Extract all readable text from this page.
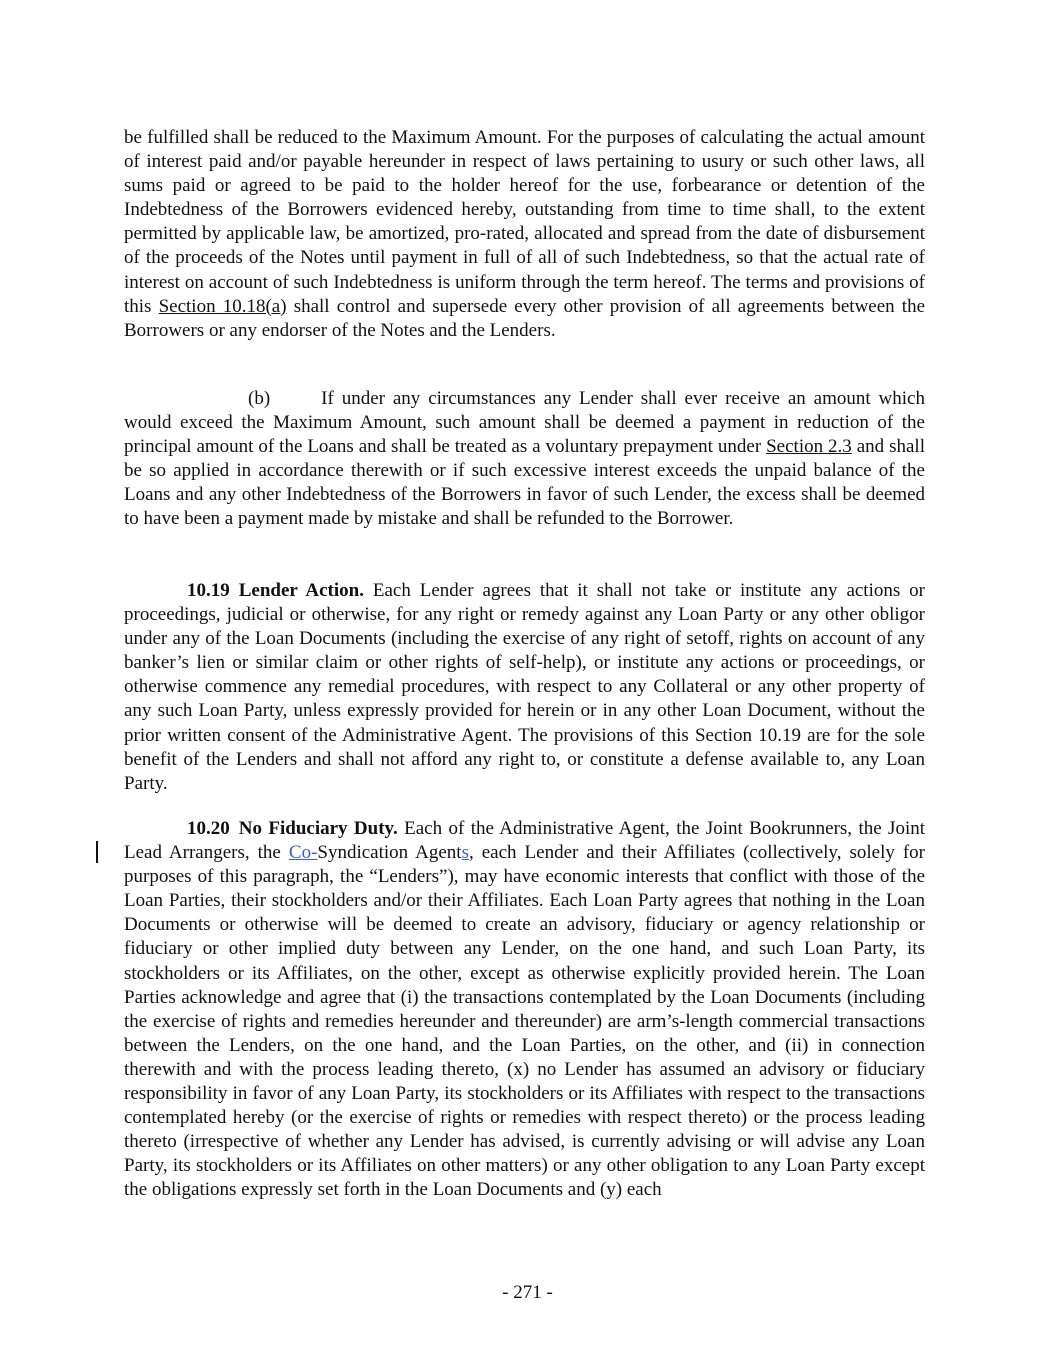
be fulfilled shall be reduced to the Maximum Amount. For the purposes of calculating the actual amount of interest paid and/or payable hereunder in respect of laws pertaining to usury or such other laws, all sums paid or agreed to be paid to the holder hereof for the use, forbearance or detention of the Indebtedness of the Borrowers evidenced hereby, outstanding from time to time shall, to the extent permitted by applicable law, be amortized, pro-rated, allocated and spread from the date of disbursement of the proceeds of the Notes until payment in full of all of such Indebtedness, so that the actual rate of interest on account of such Indebtedness is uniform through the term hereof. The terms and provisions of this Section 10.18(a) shall control and supersede every other provision of all agreements between the Borrowers or any endorser of the Notes and the Lenders.

(b)	If under any circumstances any Lender shall ever receive an amount which would exceed the Maximum Amount, such amount shall be deemed a payment in reduction of the principal amount of the Loans and shall be treated as a voluntary prepayment under Section 2.3 and shall be so applied in accordance therewith or if such excessive interest exceeds the unpaid balance of the Loans and any other Indebtedness of the Borrowers in favor of such Lender, the excess shall be deemed to have been a payment made by mistake and shall be refunded to the Borrower.

10.19 Lender Action. Each Lender agrees that it shall not take or institute any actions or proceedings, judicial or otherwise, for any right or remedy against any Loan Party or any other obligor under any of the Loan Documents (including the exercise of any right of setoff, rights on account of any banker’s lien or similar claim or other rights of self-help), or institute any actions or proceedings, or otherwise commence any remedial procedures, with respect to any Collateral or any other property of any such Loan Party, unless expressly provided for herein or in any other Loan Document, without the prior written consent of the Administrative Agent. The provisions of this Section 10.19 are for the sole benefit of the Lenders and shall not afford any right to, or constitute a defense available to, any Loan Party.

10.20 No Fiduciary Duty. Each of the Administrative Agent, the Joint Bookrunners, the Joint Lead Arrangers, the Co-Syndication Agents, each Lender and their Affiliates (collectively, solely for purposes of this paragraph, the “Lenders”), may have economic interests that conflict with those of the Loan Parties, their stockholders and/or their Affiliates. Each Loan Party agrees that nothing in the Loan Documents or otherwise will be deemed to create an advisory, fiduciary or agency relationship or fiduciary or other implied duty between any Lender, on the one hand, and such Loan Party, its stockholders or its Affiliates, on the other, except as otherwise explicitly provided herein. The Loan Parties acknowledge and agree that (i) the transactions contemplated by the Loan Documents (including the exercise of rights and remedies hereunder and thereunder) are arm’s-length commercial transactions between the Lenders, on the one hand, and the Loan Parties, on the other, and (ii) in connection therewith and with the process leading thereto, (x) no Lender has assumed an advisory or fiduciary responsibility in favor of any Loan Party, its stockholders or its Affiliates with respect to the transactions contemplated hereby (or the exercise of rights or remedies with respect thereto) or the process leading thereto (irrespective of whether any Lender has advised, is currently advising or will advise any Loan Party, its stockholders or its Affiliates on other matters) or any other obligation to any Loan Party except the obligations expressly set forth in the Loan Documents and (y) each

- 271 -
